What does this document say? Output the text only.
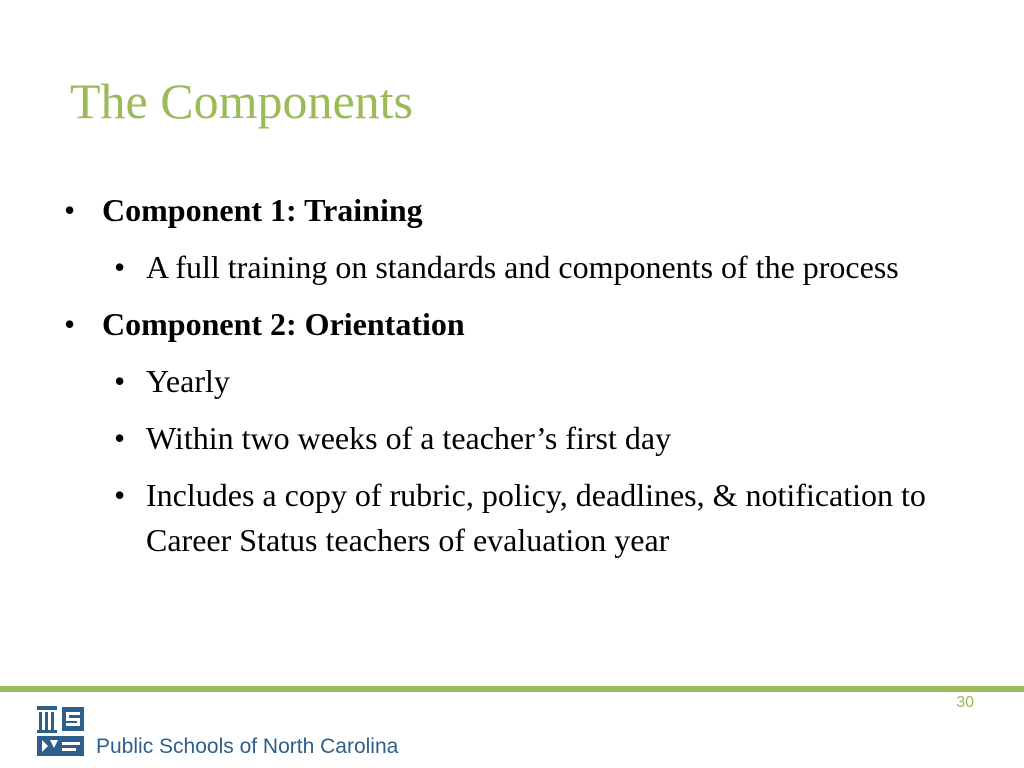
The Components
• Component 1: Training
• A full training on standards and components of the process
• Component 2: Orientation
• Yearly
• Within two weeks of a teacher’s first day
• Includes a copy of rubric, policy, deadlines, & notification to Career Status teachers of evaluation year
30
Public Schools of North Carolina
